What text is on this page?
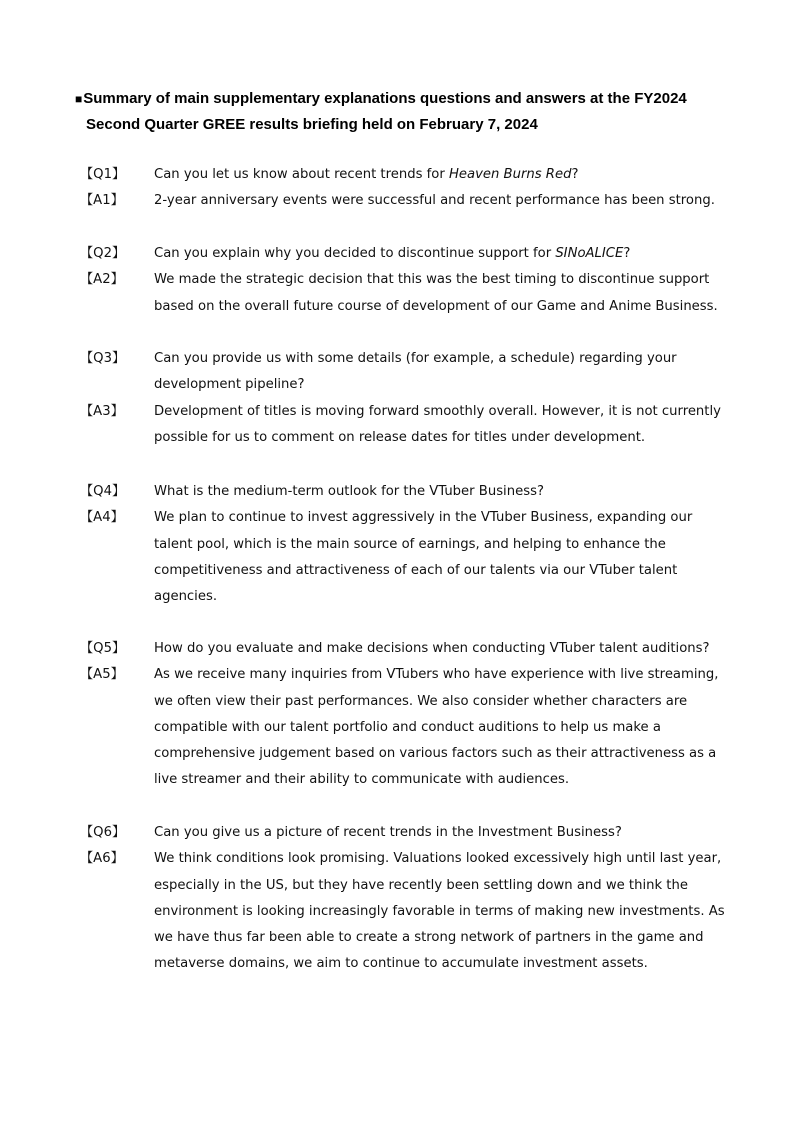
■Summary of main supplementary explanations questions and answers at the FY2024
Second Quarter GREE results briefing held on February 7, 2024
【Q1】	Can you let us know about recent trends for Heaven Burns Red?
【A1】	2-year anniversary events were successful and recent performance has been strong.
【Q2】	Can you explain why you decided to discontinue support for SINoALICE?
【A2】	We made the strategic decision that this was the best timing to discontinue support
based on the overall future course of development of our Game and Anime Business.
【Q3】	Can you provide us with some details (for example, a schedule) regarding your
development pipeline?
【A3】	Development of titles is moving forward smoothly overall. However, it is not currently
possible for us to comment on release dates for titles under development.
【Q4】	What is the medium-term outlook for the VTuber Business?
【A4】	We plan to continue to invest aggressively in the VTuber Business, expanding our
talent pool, which is the main source of earnings, and helping to enhance the
competitiveness and attractiveness of each of our talents via our VTuber talent
agencies.
【Q5】	How do you evaluate and make decisions when conducting VTuber talent auditions?
【A5】	As we receive many inquiries from VTubers who have experience with live streaming,
we often view their past performances. We also consider whether characters are
compatible with our talent portfolio and conduct auditions to help us make a
comprehensive judgement based on various factors such as their attractiveness as a
live streamer and their ability to communicate with audiences.
【Q6】	Can you give us a picture of recent trends in the Investment Business?
【A6】	We think conditions look promising. Valuations looked excessively high until last year,
especially in the US, but they have recently been settling down and we think the
environment is looking increasingly favorable in terms of making new investments. As
we have thus far been able to create a strong network of partners in the game and
metaverse domains, we aim to continue to accumulate investment assets.
